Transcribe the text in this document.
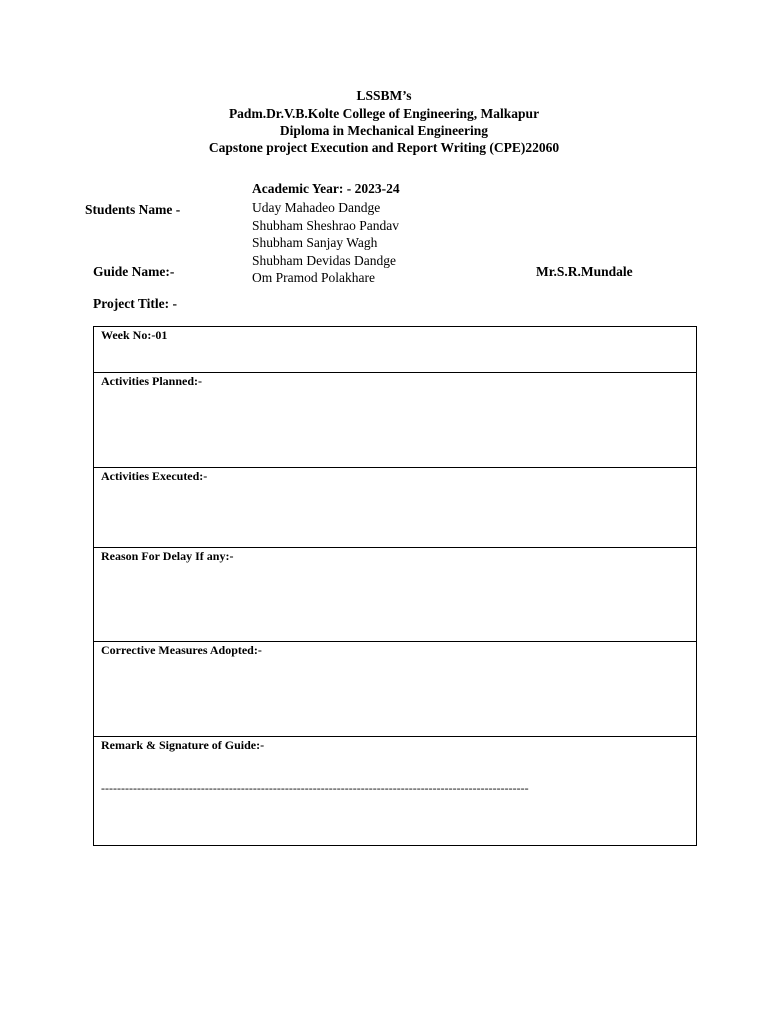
LSSBM’s
Padm.Dr.V.B.Kolte College of Engineering, Malkapur
Diploma in Mechanical Engineering
Capstone project Execution and Report Writing (CPE)22060
Academic Year: - 2023-24
Students Name -	Uday Mahadeo Dandge
Shubham Sheshrao Pandav
Shubham Sanjay Wagh
Shubham Devidas Dandge
Om Pramod Polakhare
Guide Name:-	Mr.S.R.Mundale
Project Title: -
Week No:-01
Activities Planned:-
Activities Executed:-
Reason For Delay If any:-
Corrective Measures Adopted:-
Remark & Signature of Guide:-
-----------------------------------------------------------------------------------------------------------
